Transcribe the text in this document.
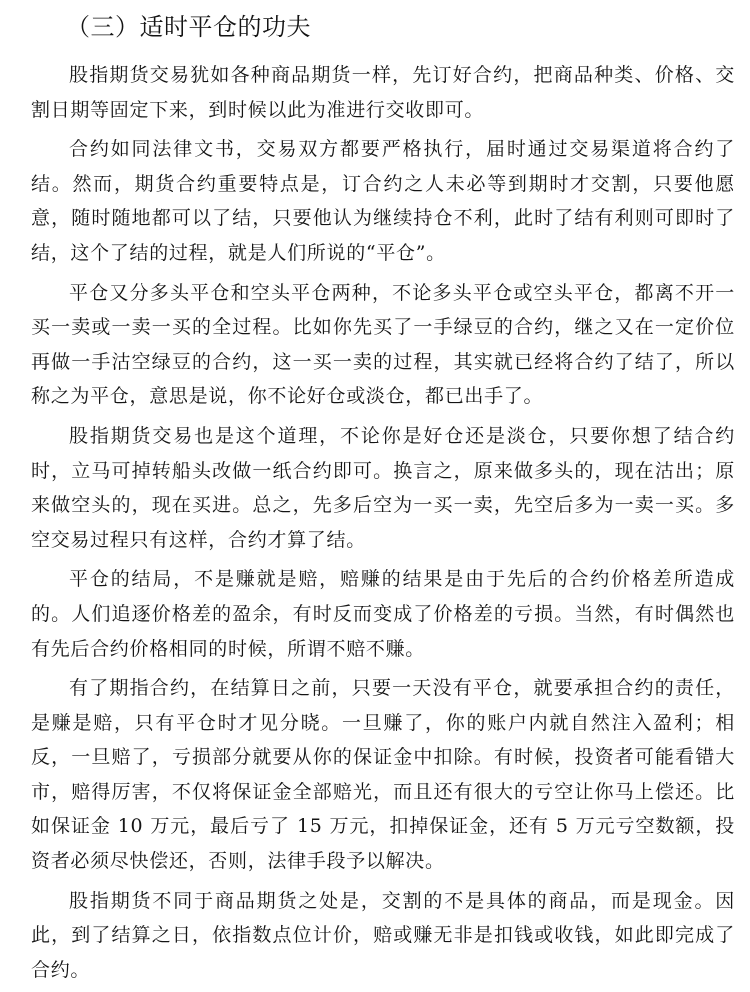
（三）适时平仓的功夫

股指期货交易犹如各种商品期货一样，先订好合约，把商品种类、价格、交割日期等固定下来，到时候以此为准进行交收即可。

合约如同法律文书，交易双方都要严格执行，届时通过交易渠道将合约了结。然而，期货合约重要特点是，订合约之人未必等到期时才交割，只要他愿意，随时随地都可以了结，只要他认为继续持仓不利，此时了结有利则可即时了结，这个了结的过程，就是人们所说的“平仓”。

平仓又分多头平仓和空头平仓两种，不论多头平仓或空头平仓，都离不开一买一卖或一卖一买的全过程。比如你先买了一手绿豆的合约，继之又在一定价位再做一手沽空绿豆的合约，这一买一卖的过程，其实就已经将合约了结了，所以称之为平仓，意思是说，你不论好仓或淡仓，都已出手了。

股指期货交易也是这个道理，不论你是好仓还是淡仓，只要你想了结合约时，立马可掉转船头改做一纸合约即可。换言之，原来做多头的，现在沽出；原来做空头的，现在买进。总之，先多后空为一买一卖，先空后多为一卖一买。多空交易过程只有这样，合约才算了结。

平仓的结局，不是赚就是赔，赔赚的结果是由于先后的合约价格差所造成的。人们追逐价格差的盈余，有时反而变成了价格差的亏损。当然，有时偶然也有先后合约价格相同的时候，所谓不赔不赚。

有了期指合约，在结算日之前，只要一天没有平仓，就要承担合约的责任，是赚是赔，只有平仓时才见分晓。一旦赚了，你的账户内就自然注入盈利；相反，一旦赔了，亏损部分就要从你的保证金中扣除。有时候，投资者可能看错大市，赔得厉害，不仅将保证金全部赔光，而且还有很大的亏空让你马上偿还。比如保证金 10 万元，最后亏了 15 万元，扣掉保证金，还有 5 万元亏空数额，投资者必须尽快偿还，否则，法律手段予以解决。

股指期货不同于商品期货之处是，交割的不是具体的商品，而是现金。因此，到了结算之日，依指数点位计价，赔或赚无非是扣钱或收钱，如此即完成了合约。
